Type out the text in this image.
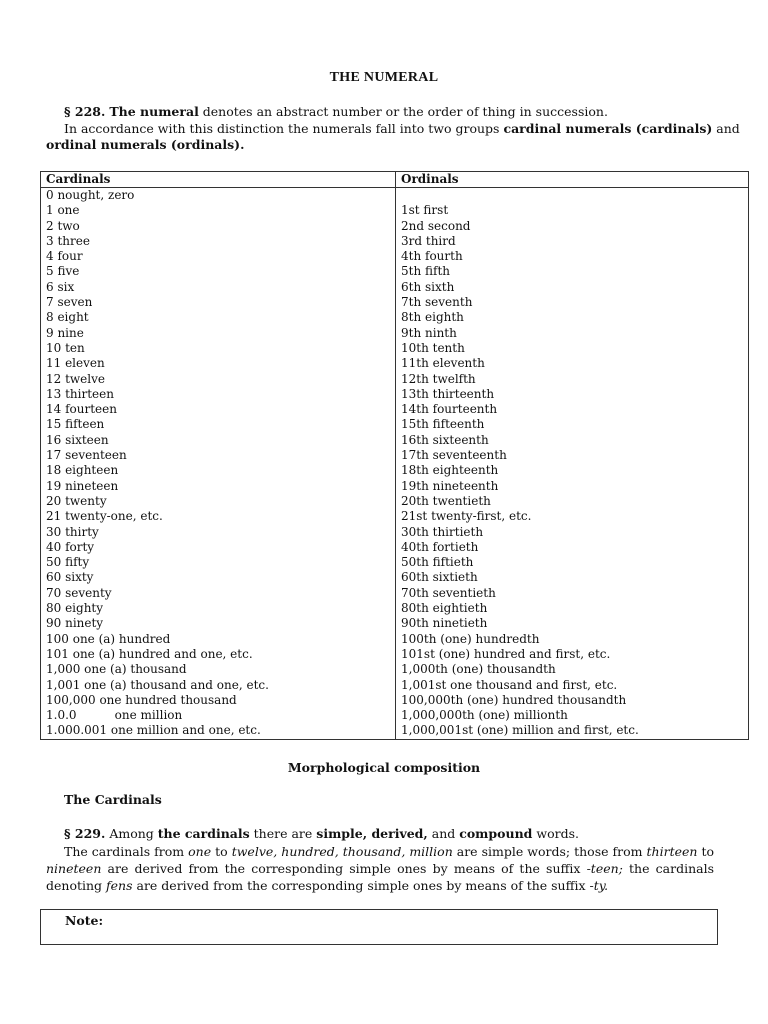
THE NUMERAL
§ 228. The numeral denotes an abstract number or the order of thing in succession.
In accordance with this distinction the numerals fall into two groups cardinal numerals (cardinals) and
ordinal numerals (ordinals).
Cardinals	Ordinals
0 nought, zero	
1 one	1st first
2 two	2nd second
3 three	3rd third
4 four	4th fourth
5 five	5th fifth
6 six	6th sixth
7 seven	7th seventh
8 eight	8th eighth
9 nine	9th ninth
10 ten	10th tenth
11 eleven	11th eleventh
12 twelve	12th twelfth
13 thirteen	13th thirteenth
14 fourteen	14th fourteenth
15 fifteen	15th fifteenth
16 sixteen	16th sixteenth
17 seventeen	17th seventeenth
18 eighteen	18th eighteenth
19 nineteen	19th nineteenth
20 twenty	20th twentieth
21 twenty-one, etc.	21st twenty-first, etc.
30 thirty	30th thirtieth
40 forty	40th fortieth
50 fifty	50th fiftieth
60 sixty	60th sixtieth
70 seventy	70th seventieth
80 eighty	80th eightieth
90 ninety	90th ninetieth
100 one (a) hundred	100th (one) hundredth
101 one (a) hundred and one, etc.	101st (one) hundred and first, etc.
1,000 one (a) thousand	1,000th (one) thousandth
1,001 one (a) thousand and one, etc.	1,001st one thousand and first, etc.
100,000 one hundred thousand	100,000th (one) hundred thousandth
1.0.0          one million	1,000,000th (one) millionth
1.000.001 one million and one, etc.	1,000,001st (one) million and first, etc.
Morphological composition
The Cardinals
§ 229. Among the cardinals there are simple, derived, and compound words.
The cardinals from one to twelve, hundred, thousand, million are simple words; those from thirteen to nineteen are derived from the corresponding simple ones by means of the suffix -teen; the cardinals denoting fens are derived from the corresponding simple ones by means of the suffix -ty.
Note:
